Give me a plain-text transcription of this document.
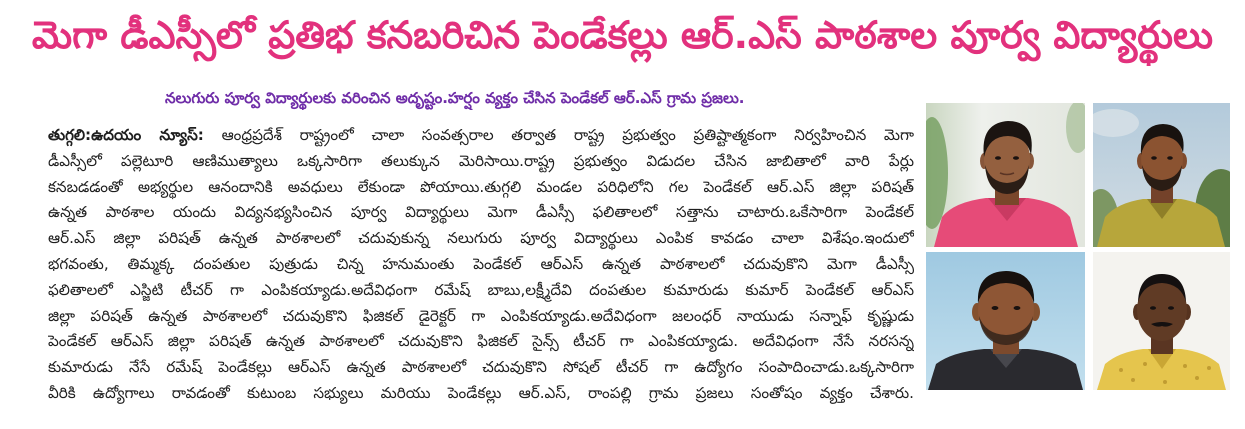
మెగా డీఎస్సీలో ప్రతిభ కనబరిచిన పెండేకల్లు ఆర్.ఎస్ పాఠశాల పూర్వ విద్యార్థులు
నలుగురు పూర్వ విద్యార్థులకు వరించిన అదృష్టం.హర్షం వ్యక్తం చేసిన పెండేకల్ ఆర్.ఎస్ గ్రామ ప్రజలు.
తుగ్గలి:ఉదయం న్యూస్: ఆంధ్రప్రదేశ్ రాష్ట్రంలో చాలా సంవత్సరాల తర్వాత రాష్ట్ర ప్రభుత్వం ప్రతిష్టాత్మకంగా నిర్వహించిన మెగా
డీఎస్సీలో పల్లెటూరి ఆణిముత్యాలు ఒక్కసారిగా తలుక్కున మెరిసాయి.రాష్ట్ర ప్రభుత్వం విడుదల చేసిన జాబితాలో వారి పేర్లు
కనబడడంతో అభ్యర్థుల ఆనందానికి అవధులు లేకుండా పోయాయి.తుగ్గలి మండల పరిధిలోని గల పెండేకల్ ఆర్.ఎస్ జిల్లా పరిషత్
ఉన్నత పాఠశాల యందు విద్యనభ్యసించిన పూర్వ విద్యార్థులు మెగా డీఎస్సీ ఫలితాలలో సత్తాను చాటారు.ఒకేసారిగా పెండేకల్
ఆర్.ఎస్ జిల్లా పరిషత్ ఉన్నత పాఠశాలలో చదువుకున్న నలుగురు పూర్వ విద్యార్థులు ఎంపిక కావడం చాలా విశేషం.ఇందులో
భగవంతు, తిమ్మక్క దంపతుల పుత్రుడు చిన్న హనుమంతు పెండేకల్ ఆర్ఎస్ ఉన్నత పాఠశాలలో చదువుకొని మెగా డీఎస్సీ
ఫలితాలలో ఎస్జిటి టీచర్ గా ఎంపికయ్యాడు.అదేవిధంగా రమేష్ బాబు,లక్ష్మీదేవి దంపతుల కుమారుడు కుమార్ పెండేకల్ ఆర్ఎస్
జిల్లా పరిషత్ ఉన్నత పాఠశాలలో చదువుకొని ఫిజికల్ డైరెక్టర్ గా ఎంపికయ్యాడు.అదేవిధంగా జలంధర్ నాయుడు సన్నాఫ్ కృష్ణుడు
పెండేకల్ ఆర్ఎస్ జిల్లా పరిషత్ ఉన్నత పాఠశాలలో చదువుకొని ఫిజికల్ సైన్స్ టీచర్ గా ఎంపికయ్యాడు. అదేవిధంగా నేసే నరసన్న
కుమారుడు నేసే రమేష్ పెండేకల్లు ఆర్ఎస్ ఉన్నత పాఠశాలలో చదువుకొని సోషల్ టీచర్ గా ఉద్యోగం సంపాదించాడు.ఒక్కసారిగా
వీరికి ఉద్యోగాలు రావడంతో కుటుంబ సభ్యులు మరియు పెండేకల్లు ఆర్.ఎస్, రాంపల్లి గ్రామ ప్రజలు సంతోషం వ్యక్తం చేశారు.
